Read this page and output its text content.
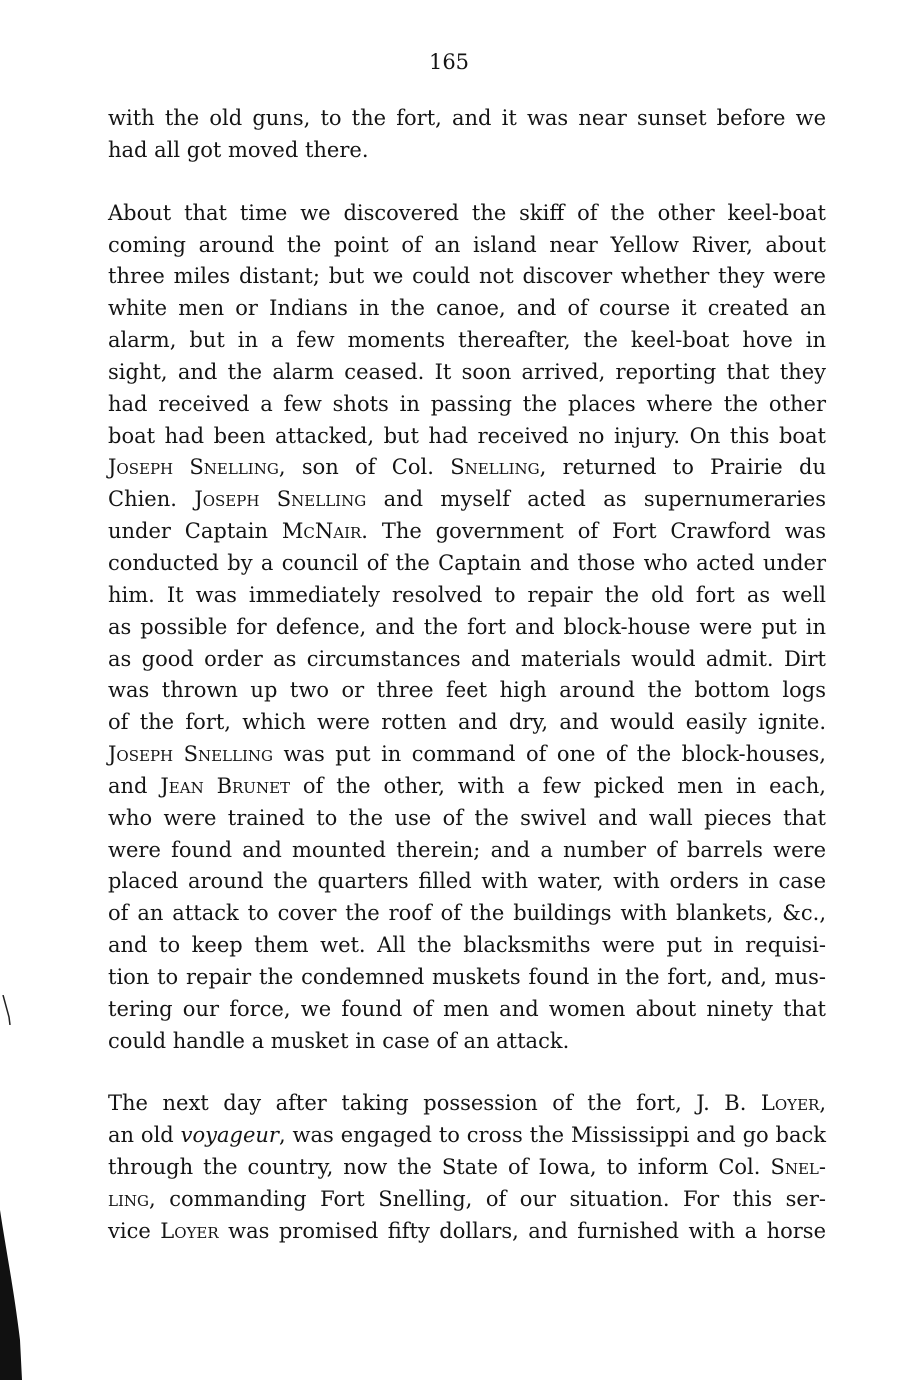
165
with the old guns, to the fort, and it was near sunset before we
had all got moved there.
About that time we discovered the skiff of the other keel-boat
coming around the point of an island near Yellow River, about
three miles distant; but we could not discover whether they were
white men or Indians in the canoe, and of course it created an
alarm, but in a few moments thereafter, the keel-boat hove in
sight, and the alarm ceased. It soon arrived, reporting that they
had received a few shots in passing the places where the other
boat had been attacked, but had received no injury. On this boat
Joseph Snelling, son of Col. Snelling, returned to Prairie du
Chien. Joseph Snelling and myself acted as supernumeraries
under Captain McNair. The government of Fort Crawford was
conducted by a council of the Captain and those who acted under
him. It was immediately resolved to repair the old fort as well
as possible for defence, and the fort and block-house were put in
as good order as circumstances and materials would admit. Dirt
was thrown up two or three feet high around the bottom logs
of the fort, which were rotten and dry, and would easily ignite.
Joseph Snelling was put in command of one of the block-houses,
and Jean Brunet of the other, with a few picked men in each,
who were trained to the use of the swivel and wall pieces that
were found and mounted therein; and a number of barrels were
placed around the quarters filled with water, with orders in case
of an attack to cover the roof of the buildings with blankets, &c.,
and to keep them wet. All the blacksmiths were put in requisi-
tion to repair the condemned muskets found in the fort, and, mus-
tering our force, we found of men and women about ninety that
could handle a musket in case of an attack.
The next day after taking possession of the fort, J. B. Loyer,
an old voyageur, was engaged to cross the Mississippi and go back
through the country, now the State of Iowa, to inform Col. Snel-
ling, commanding Fort Snelling, of our situation. For this ser-
vice Loyer was promised fifty dollars, and furnished with a horse
